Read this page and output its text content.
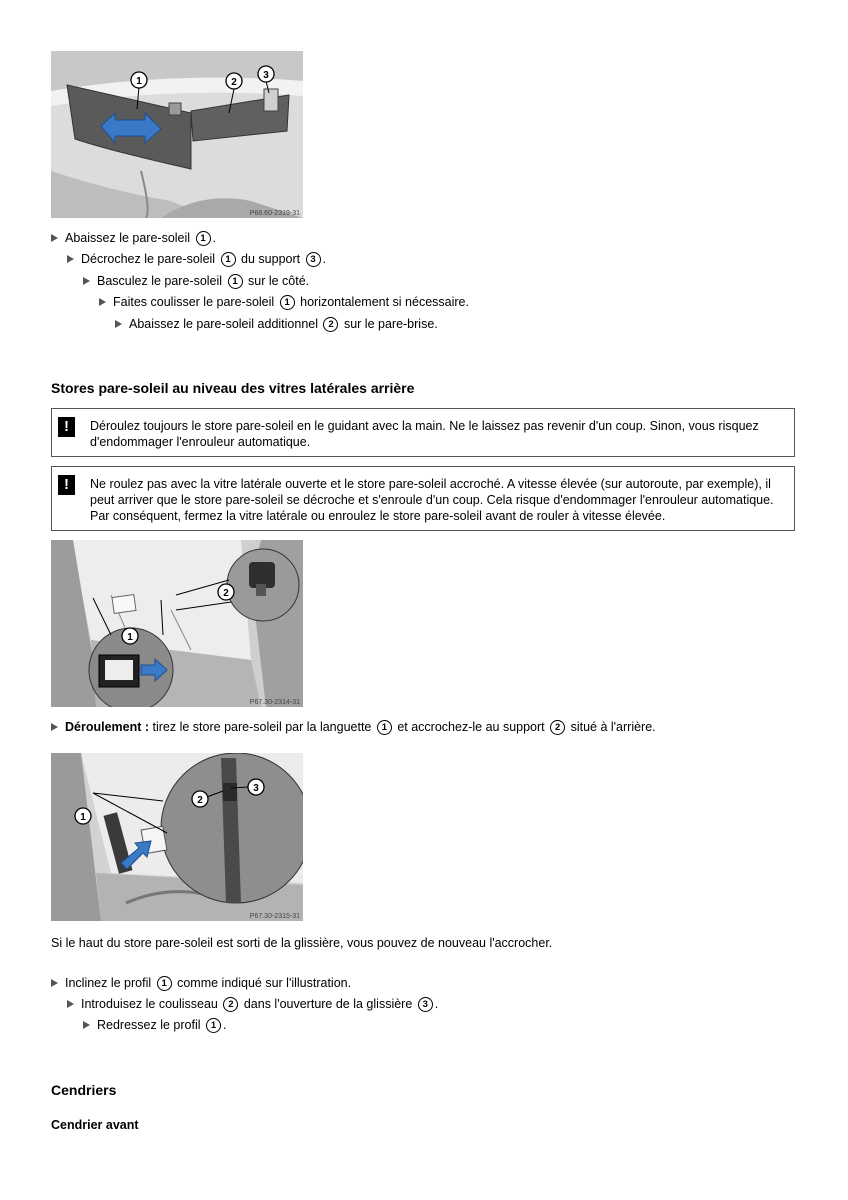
1	2
3
P68.60-2319-31
Abaissez le pare-soleil 1 .
Décrochez le pare-soleil 1 du support 3 .
Basculez le pare-soleil 1 sur le côté.
Faites coulisser le pare-soleil 1 horizontalement si nécessaire.
Abaissez le pare-soleil additionnel 2 sur le pare-brise.
Stores pare-soleil au niveau des vitres latérales arrière
!	Déroulez toujours le store pare-soleil en le guidant avec la main. Ne le laissez pas revenir d'un coup. Sinon, vous risquez d'endommager l'enrouleur automatique.
!	Ne roulez pas avec la vitre latérale ouverte et le store pare-soleil accroché. A vitesse élevée (sur autoroute, par exemple), il peut arriver que le store pare-soleil se décroche et s'enroule d'un coup. Cela risque d'endommager l'enrouleur automatique. Par conséquent, fermez la vitre latérale ou enroulez le store pare-soleil avant de rouler à vitesse élevée.
2
1
P67.30-2314-31
Déroulement : tirez le store pare-soleil par la languette 1 et accrochez-le au support 2 situé à l'arrière.
1
2
3
P67.30-2315-31
Si le haut du store pare-soleil est sorti de la glissière, vous pouvez de nouveau l'accrocher.
Inclinez le profil 1 comme indiqué sur l'illustration.
Introduisez le coulisseau 2 dans l'ouverture de la glissière 3 .
Redressez le profil 1 .
Cendriers
Cendrier avant
